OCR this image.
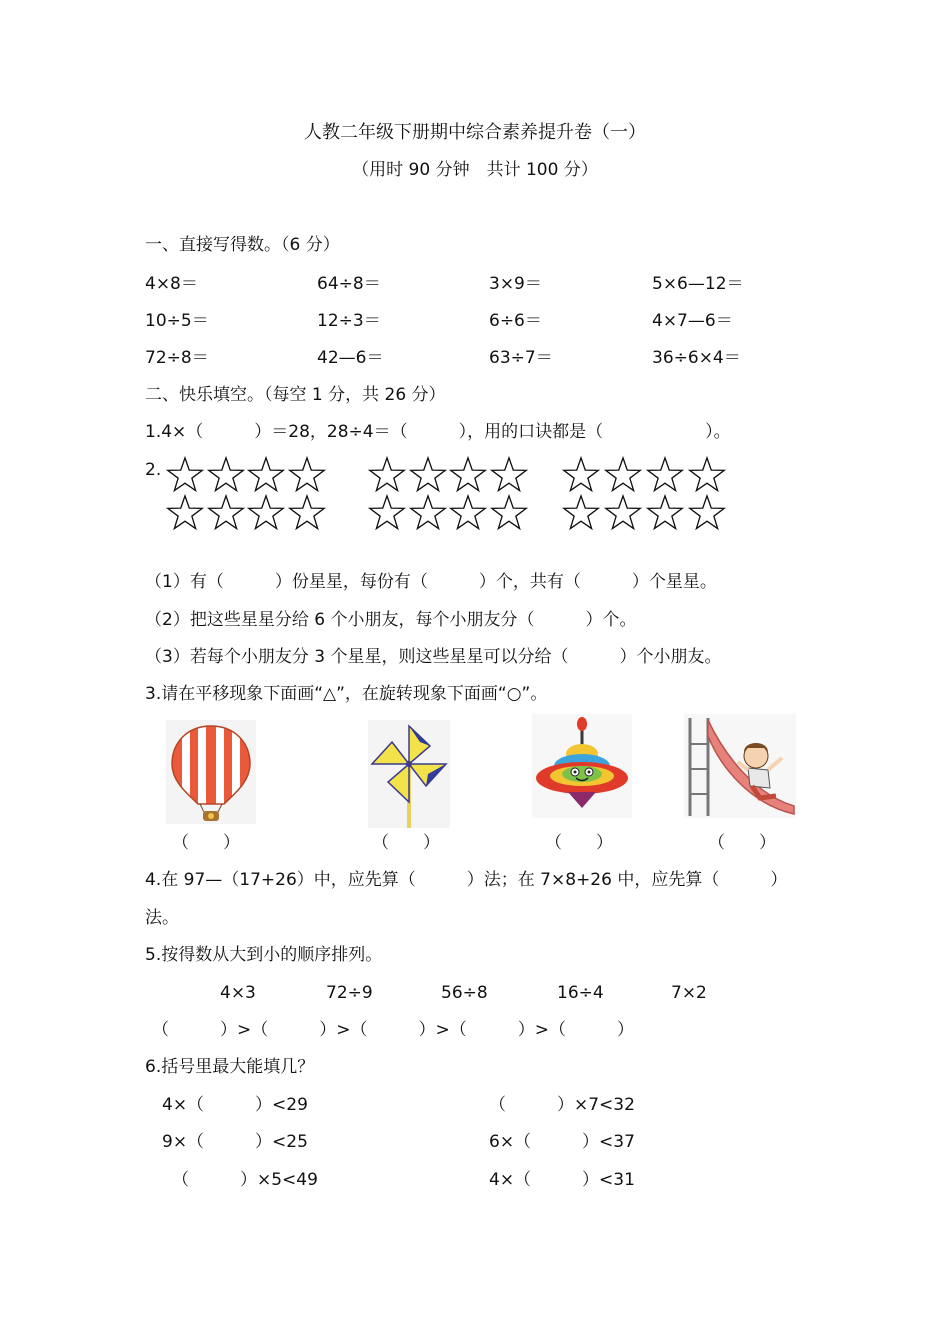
人教二年级下册期中综合素养提升卷（一）
（用时 90 分钟　共计 100 分）
一、直接写得数。（6 分）
4×8＝	64÷8＝	3×9＝	5×6—12＝
10÷5＝	12÷3＝	6÷6＝	4×7—6＝
72÷8＝	42—6＝	63÷7＝	36÷6×4＝
二、快乐填空。（每空 1 分，共 26 分）
1.4×（　　　）＝28，28÷4＝（　　　），用的口诀都是（　　　　　　）。
2.
（1）有（　　　）份星星，每份有（　　　）个，共有（　　　）个星星。
（2）把这些星星分给 6 个小朋友，每个小朋友分（　　　）个。
（3）若每个小朋友分 3 个星星，则这些星星可以分给（　　　）个小朋友。
3.请在平移现象下面画“△”，在旋转现象下面画“○”。
（　　）	（　　）	（　　）	（　　）
4.在 97—（17+26）中，应先算（　　　）法；在 7×8+26 中，应先算（　　　）
法。
5.按得数从大到小的顺序排列。
4×3	72÷9	56÷8	16÷4	7×2
（　　　）>（　　　）>（　　　）>（　　　）>（　　　）
6.括号里最大能填几？
4×（　　　）<29	（　　　）×7<32
9×（　　　）<25	6×（　　　）<37
（　　　）×5<49	4×（　　　）<31
